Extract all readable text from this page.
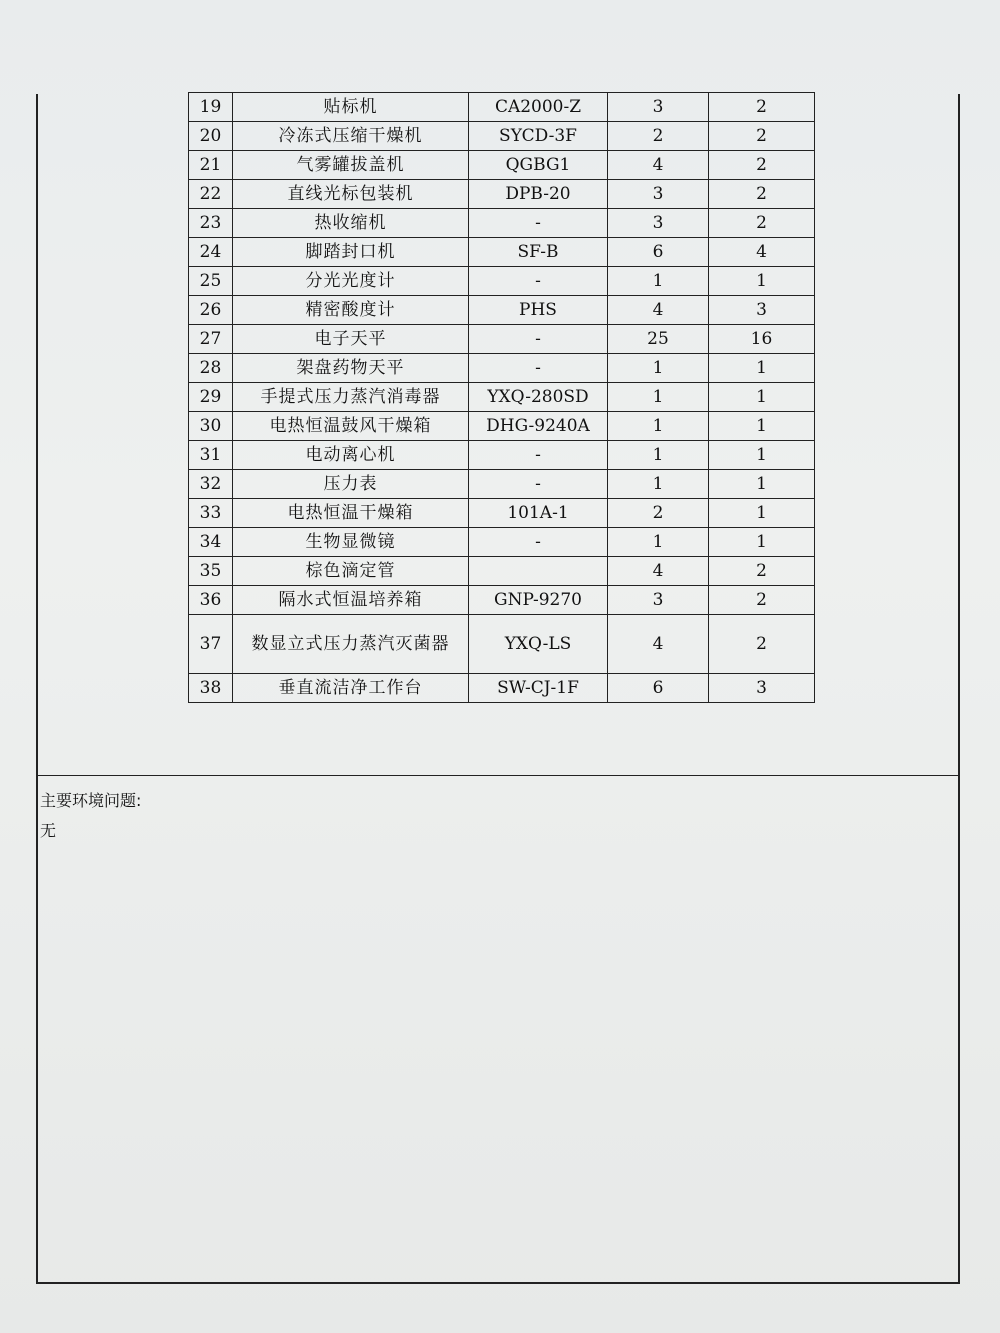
19	贴标机	CA2000-Z	3	2
20	冷冻式压缩干燥机	SYCD-3F	2	2
21	气雾罐拔盖机	QGBG1	4	2
22	直线光标包装机	DPB-20	3	2
23	热收缩机	-	3	2
24	脚踏封口机	SF-B	6	4
25	分光光度计	-	1	1
26	精密酸度计	PHS	4	3
27	电子天平	-	25	16
28	架盘药物天平	-	1	1
29	手提式压力蒸汽消毒器	YXQ-280SD	1	1
30	电热恒温鼓风干燥箱	DHG-9240A	1	1
31	电动离心机	-	1	1
32	压力表	-	1	1
33	电热恒温干燥箱	101A-1	2	1
34	生物显微镜	-	1	1
35	棕色滴定管		4	2
36	隔水式恒温培养箱	GNP-9270	3	2
37	数显立式压力蒸汽灭菌器	YXQ-LS	4	2
38	垂直流洁净工作台	SW-CJ-1F	6	3
主要环境问题:
无
